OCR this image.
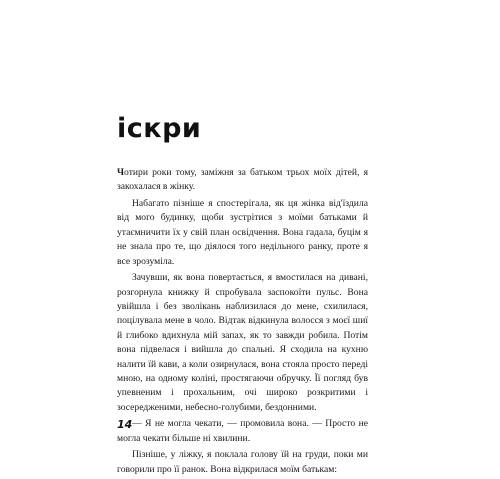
іскри

Чотири роки тому, заміжня за батьком трьох моїх дітей, я закохалася в жінку.

Набагато пізніше я спостерігала, як ця жінка від'їздила від мого будинку, щоби зустрітися з моїми батьками й утаємничити їх у свій план освідчення. Вона гадала, буцім я не знала про те, що діялося того недільного ранку, проте я все зрозуміла.

Зачувши, як вона повертається, я вмостилася на дивані, розгорнула книжку й спробувала заспокоїти пульс. Вона увійшла і без зволікань наблизилася до мене, схилилася, поцілувала мене в чоло. Відтак відкинула волосся з моєї шиї й глибоко вдихнула мій запах, як то завжди робила. Потім вона підвелася і вийшла до спальні. Я сходила на кухню налити їй кави, а коли озирнулася, вона стояла просто переді мною, на одному коліні, простягаючи обручку. Її погляд був упевненим і прохальним, очі широко розкритими і зосередженими, небесно-голубими, бездонними.

— Я не могла чекати, — промовила вона. — Просто не могла чекати більше ні хвилини.

Пізніше, у ліжку, я поклала голову їй на груди, поки ми говорили про її ранок. Вона відкрилася моїм батькам:

14
